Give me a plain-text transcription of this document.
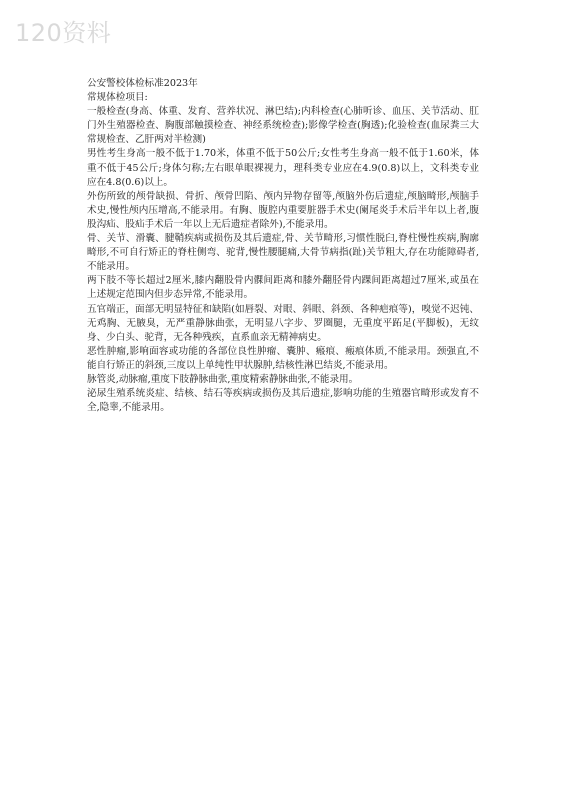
120资料

公安警校体检标准2023年

常规体检项目:

一般检查(身高、体重、发育、营养状况、淋巴结);内科检查(心肺听诊、血压、关节活动、肛门外生殖器检查、胸腹部触摸检查、神经系统检查);影像学检查(胸透);化验检查(血尿粪三大常规检查、乙肝两对半检测)

男性考生身高一般不低于1.70米，体重不低于50公斤;女性考生身高一般不低于1.60米，体重不低于45公斤;身体匀称;左右眼单眼裸视力，理科类专业应在4.9(0.8)以上，文科类专业应在4.8(0.6)以上。

外伤所致的颅骨缺损、骨折、颅骨凹陷、颅内异物存留等,颅脑外伤后遗症,颅脑畸形,颅脑手术史,慢性颅内压增高,不能录用。有胸、腹腔内重要脏器手术史(阑尾炎手术后半年以上者,腹股沟疝、股疝手术后一年以上无后遗症者除外),不能录用。

骨、关节、滑囊、腱鞘疾病或损伤及其后遗症,骨、关节畸形,习惯性脱臼,脊柱慢性疾病,胸廓畸形,不可自行矫正的脊柱侧弯、驼背,慢性腰腿痛,大骨节病指(趾)关节粗大,存在功能障碍者,不能录用。

两下肢不等长超过2厘米,膝内翻股骨内髁间距离和膝外翻胫骨内踝间距离超过7厘米,或虽在上述规定范围内但步态异常,不能录用。

五官端正，面部无明显特征和缺陷(如唇裂、对眼、斜眼、斜颈、各种疤痕等)，嗅觉不迟钝、无鸡胸、无腋臭，无严重静脉曲张，无明显八字步、罗圈腿，无重度平跖足(平脚板)，无纹身、少白头、驼背，无各种残疾，直系血亲无精神病史。

恶性肿瘤,影响面容或功能的各部位良性肿瘤、囊肿、瘢痕、瘢痕体质,不能录用。颈强直,不能自行矫正的斜颈,三度以上单纯性甲状腺肿,结核性淋巴结炎,不能录用。

脉管炎,动脉瘤,重度下肢静脉曲张,重度精索静脉曲张,不能录用。

泌尿生殖系统炎症、结核、结石等疾病或损伤及其后遗症,影响功能的生殖器官畸形或发育不全,隐睾,不能录用。
